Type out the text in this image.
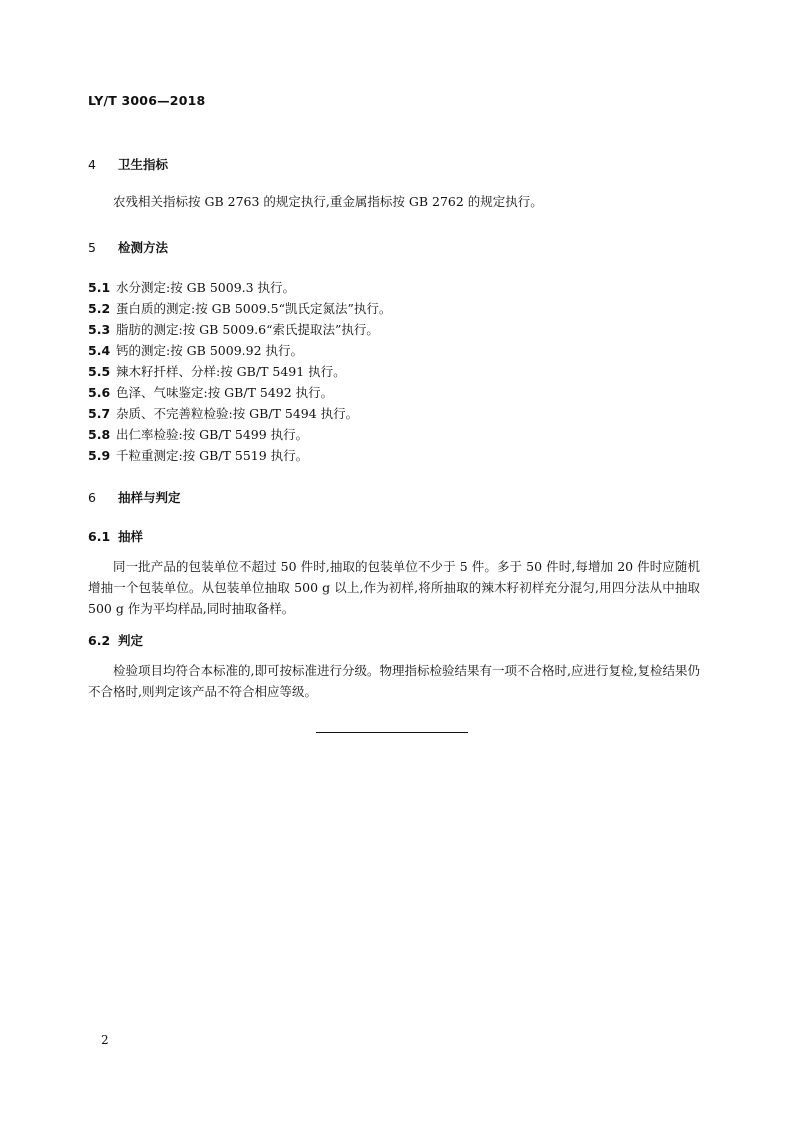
LY/T 3006—2018
4 卫生指标
农残相关指标按 GB 2763 的规定执行,重金属指标按 GB 2762 的规定执行。
5 检测方法
5.1 水分测定:按 GB 5009.3 执行。
5.2 蛋白质的测定:按 GB 5009.5“凯氏定氮法”执行。
5.3 脂肪的测定:按 GB 5009.6“索氏提取法”执行。
5.4 钙的测定:按 GB 5009.92 执行。
5.5 辣木籽扦样、分样:按 GB/T 5491 执行。
5.6 色泽、气味鉴定:按 GB/T 5492 执行。
5.7 杂质、不完善粒检验:按 GB/T 5494 执行。
5.8 出仁率检验:按 GB/T 5499 执行。
5.9 千粒重测定:按 GB/T 5519 执行。
6 抽样与判定
6.1 抽样
同一批产品的包装单位不超过 50 件时,抽取的包装单位不少于 5 件。多于 50 件时,每增加 20 件时应随机增抽一个包装单位。从包装单位抽取 500 g 以上,作为初样,将所抽取的辣木籽初样充分混匀,用四分法从中抽取 500 g 作为平均样品,同时抽取备样。
6.2 判定
检验项目均符合本标准的,即可按标准进行分级。物理指标检验结果有一项不合格时,应进行复检,复检结果仍不合格时,则判定该产品不符合相应等级。
2
